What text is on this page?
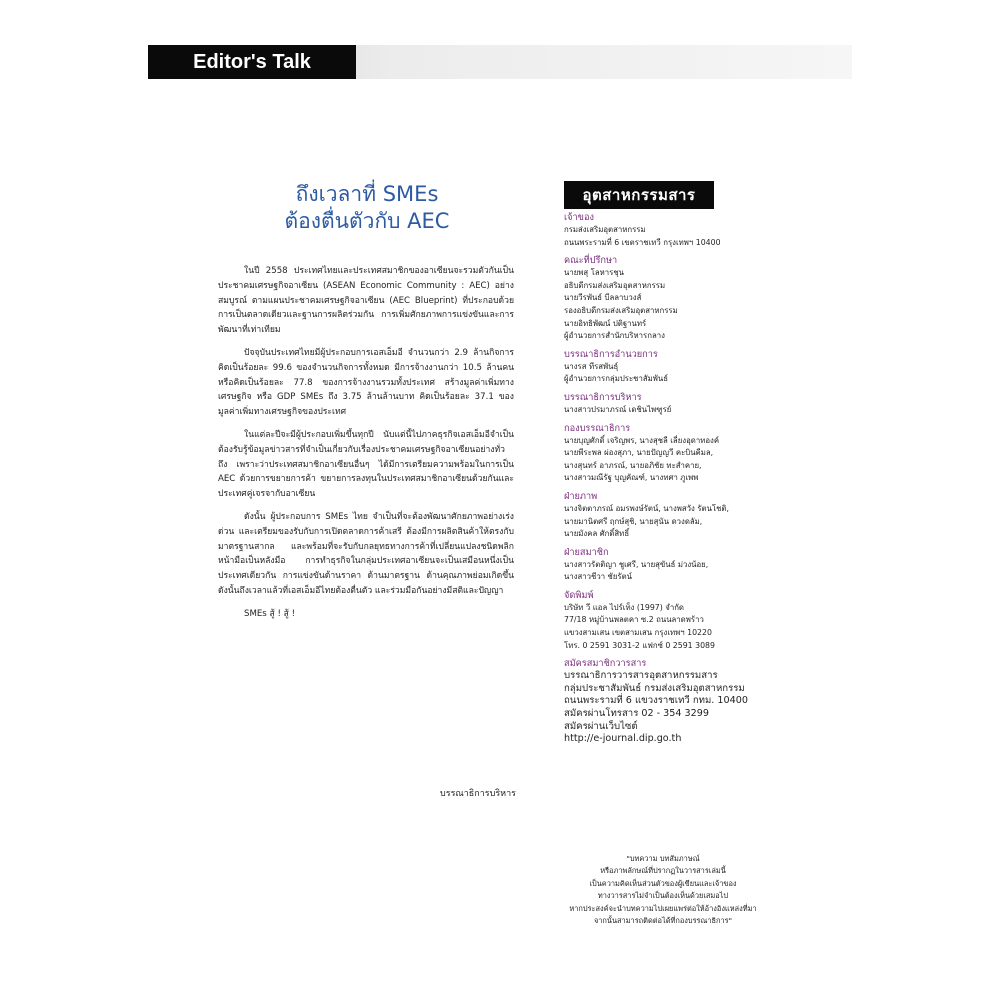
Editor's Talk
ถึงเวลาที่ SMEs
ต้องตื่นตัวกับ AEC

ในปี 2558 ประเทศไทยและประเทศสมาชิกของอาเซียนจะรวมตัวกันเป็นประชาคมเศรษฐกิจอาเซียน (ASEAN Economic Community : AEC) อย่างสมบูรณ์ ตามแผนประชาคมเศรษฐกิจอาเซียน (AEC Blueprint) ที่ประกอบด้วย การเป็นตลาดเดียวและฐานการผลิตร่วมกัน การเพิ่มศักยภาพการแข่งขันและการพัฒนาที่เท่าเทียม

ปัจจุบันประเทศไทยมีผู้ประกอบการเอสเอ็มอี จำนวนกว่า 2.9 ล้านกิจการ คิดเป็นร้อยละ 99.6 ของจำนวนกิจการทั้งหมด มีการจ้างงานกว่า 10.5 ล้านคน หรือคิดเป็นร้อยละ 77.8 ของการจ้างงานรวมทั้งประเทศ สร้างมูลค่าเพิ่มทางเศรษฐกิจ หรือ GDP SMEs ถึง 3.75 ล้านล้านบาท คิดเป็นร้อยละ 37.1 ของมูลค่าเพิ่มทางเศรษฐกิจของประเทศ

ในแต่ละปีจะมีผู้ประกอบเพิ่มขึ้นทุกปี นับแต่นี้ไปภาคธุรกิจเอสเอ็มอีจำเป็นต้องรับรู้ข้อมูลข่าวสารที่จำเป็นเกี่ยวกับเรื่องประชาคมเศรษฐกิจอาเซียนอย่างทั่วถึง เพราะว่าประเทศสมาชิกอาเซียนอื่นๆ ได้มีการเตรียมความพร้อมในการเป็น AEC ด้วยการขยายการค้า ขยายการลงทุนในประเทศสมาชิกอาเซียนด้วยกันและประเทศคู่เจรจากับอาเซียน

ดังนั้น ผู้ประกอบการ SMEs ไทย จำเป็นที่จะต้องพัฒนาศักยภาพอย่างเร่งด่วน และเตรียมของรับกับการเปิดตลาดการค้าเสรี ต้องมีการผลิตสินค้าให้ตรงกับมาตรฐานสากล และพร้อมที่จะรับกับกลยุทธทางการค้าที่เปลี่ยนแปลงชนิดพลิกหน้ามือเป็นหลังมือ การทำธุรกิจในกลุ่มประเทศอาเซียนจะเป็นเสมือนหนึ่งเป็นประเทศเดียวกัน การแข่งขันด้านราคา ด้านมาตรฐาน ด้านคุณภาพย่อมเกิดขึ้น ดังนั้นถึงเวลาแล้วที่เอสเอ็มอีไทยต้องตื่นตัว และร่วมมือกันอย่างมีสติและปัญญา

SMEs สู้ ! สู้ !

บรรณาธิการบริหาร
อุตสาหกรรมสาร
เจ้าของ
กรมส่งเสริมอุตสาหกรรม
ถนนพระรามที่ 6 เขตราชเทวี กรุงเทพฯ 10400
คณะที่ปรึกษา
นายพสุ โลหารชุน
อธิบดีกรมส่งเสริมอุตสาหกรรม
นายวีรพันธ์ บีลลาบวงส์
รองอธิบดีกรมส่งเสริมอุตสาหกรรม
นายอิทธิพัฒน์ ปติฐานทร์
ผู้อำนวยการสำนักบริหารกลาง
บรรณาธิการอำนวยการ
นางรส ทีรสพันธุ์
ผู้อำนวยการกลุ่มประชาสัมพันธ์
บรรณาธิการบริหาร
นางสาวปรมาภรณ์ เดชินไพฑูรย์
กองบรรณาธิการ
นายบุญศักดิ์ เจริญพร, นางสุชลี เลี่ยงอุดาทองค์
นายพีระพล ผ่องสุภา, นายปัญญวี คะบินคีมล,
นางสุนทร์ อาภรณ์, นายอภิชัย ทะสำคาย,
นางสาวมณีรัฐ บุญคัณฑ์, นางทศา ภูเพพ
ฝ่ายภาพ
นางจิตตาภรณ์ อมรพงษ์รัตน์, นางพสวัง รัตนโชติ,
นายมานิตศรี ฤกษ์สุชิ, นายสุนัน ดวงดลัม,
นายมังคล ศักดิ์สิทธิ์
ฝ่ายสมาชิก
นางสาวรัตติญา ชูเศรี, นายสุขันธ์ ม่วงน้อย,
นางสาวชีวา ชัยรัตน์
จัดพิมพ์
บริษัท วี แอล ไปร์เท็ง (1997) จำกัด
77/18 หมู่บ้านพลตคา ซ.2 ถนนลาดพร้าว
แขวงสามเสน เขตสามเสน กรุงเทพฯ 10220
โทร. 0 2591 3031-2 แฟกซ์ 0 2591 3089
สมัครสมาชิกวารสาร
บรรณาธิการวารสารอุตสาหกรรมสาร
กลุ่มประชาสัมพันธ์ กรมส่งเสริมอุตสาหกรรม
ถนนพระรามที่ 6 แขวงราชเทวี กทม. 10400
สมัครผ่านโทรสาร 02 - 354 3299
สมัครผ่านเว็บไซต์
http://e-journal.dip.go.th
"บทความ บทสัมภาษณ์
หรือภาพลักษณ์ที่ปรากฏในวารสารเล่มนี้
เป็นความคิดเห็นส่วนตัวของผู้เขียนและเจ้าของ
ทางวารสารไม่จำเป็นต้องเห็นด้วยเสมอไป
หากประสงค์จะนำบทความไปเผยแพร่ต่อให้อ้างอิงแหล่งที่มา
จากนั้นสามารถติดต่อได้ที่กองบรรณาธิการ"
